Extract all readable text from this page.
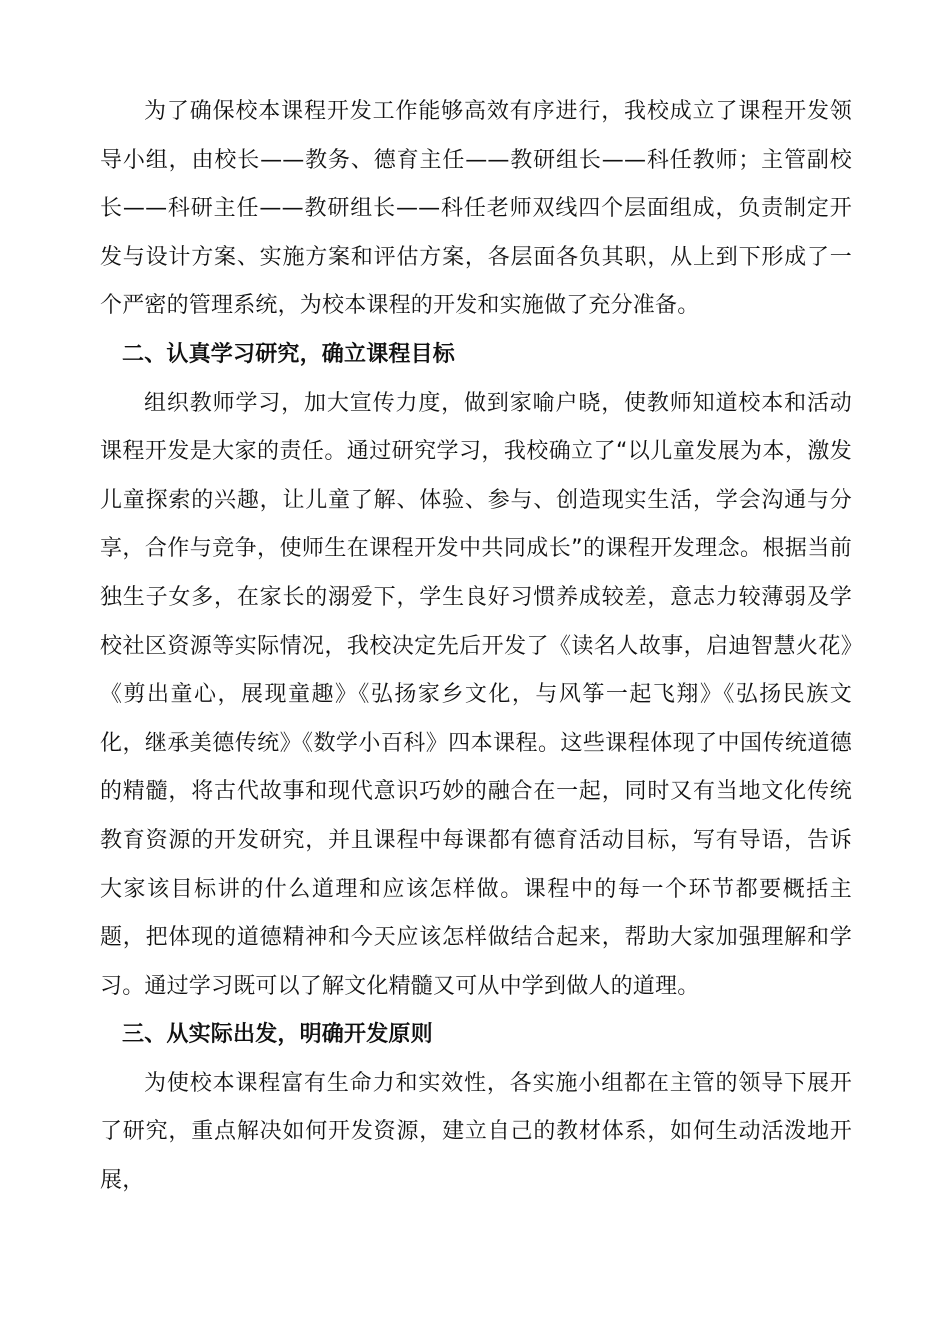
为了确保校本课程开发工作能够高效有序进行，我校成立了课程开发领导小组，由校长——教务、德育主任——教研组长——科任教师；主管副校长——科研主任——教研组长——科任老师双线四个层面组成，负责制定开发与设计方案、实施方案和评估方案，各层面各负其职，从上到下形成了一个严密的管理系统，为校本课程的开发和实施做了充分准备。

二、认真学习研究，确立课程目标

组织教师学习，加大宣传力度，做到家喻户晓，使教师知道校本和活动课程开发是大家的责任。通过研究学习，我校确立了“以儿童发展为本，激发儿童探索的兴趣，让儿童了解、体验、参与、创造现实生活，学会沟通与分享，合作与竞争，使师生在课程开发中共同成长”的课程开发理念。根据当前独生子女多，在家长的溺爱下，学生良好习惯养成较差，意志力较薄弱及学校社区资源等实际情况，我校决定先后开发了《读名人故事，启迪智慧火花》《剪出童心，展现童趣》《弘扬家乡文化，与风筝一起飞翔》《弘扬民族文化，继承美德传统》《数学小百科》四本课程。这些课程体现了中国传统道德的精髓，将古代故事和现代意识巧妙的融合在一起，同时又有当地文化传统教育资源的开发研究，并且课程中每课都有德育活动目标，写有导语，告诉大家该目标讲的什么道理和应该怎样做。课程中的每一个环节都要概括主题，把体现的道德精神和今天应该怎样做结合起来，帮助大家加强理解和学习。通过学习既可以了解文化精髓又可从中学到做人的道理。

三、从实际出发，明确开发原则

为使校本课程富有生命力和实效性，各实施小组都在主管的领导下展开了研究，重点解决如何开发资源，建立自己的教材体系，如何生动活泼地开展，
